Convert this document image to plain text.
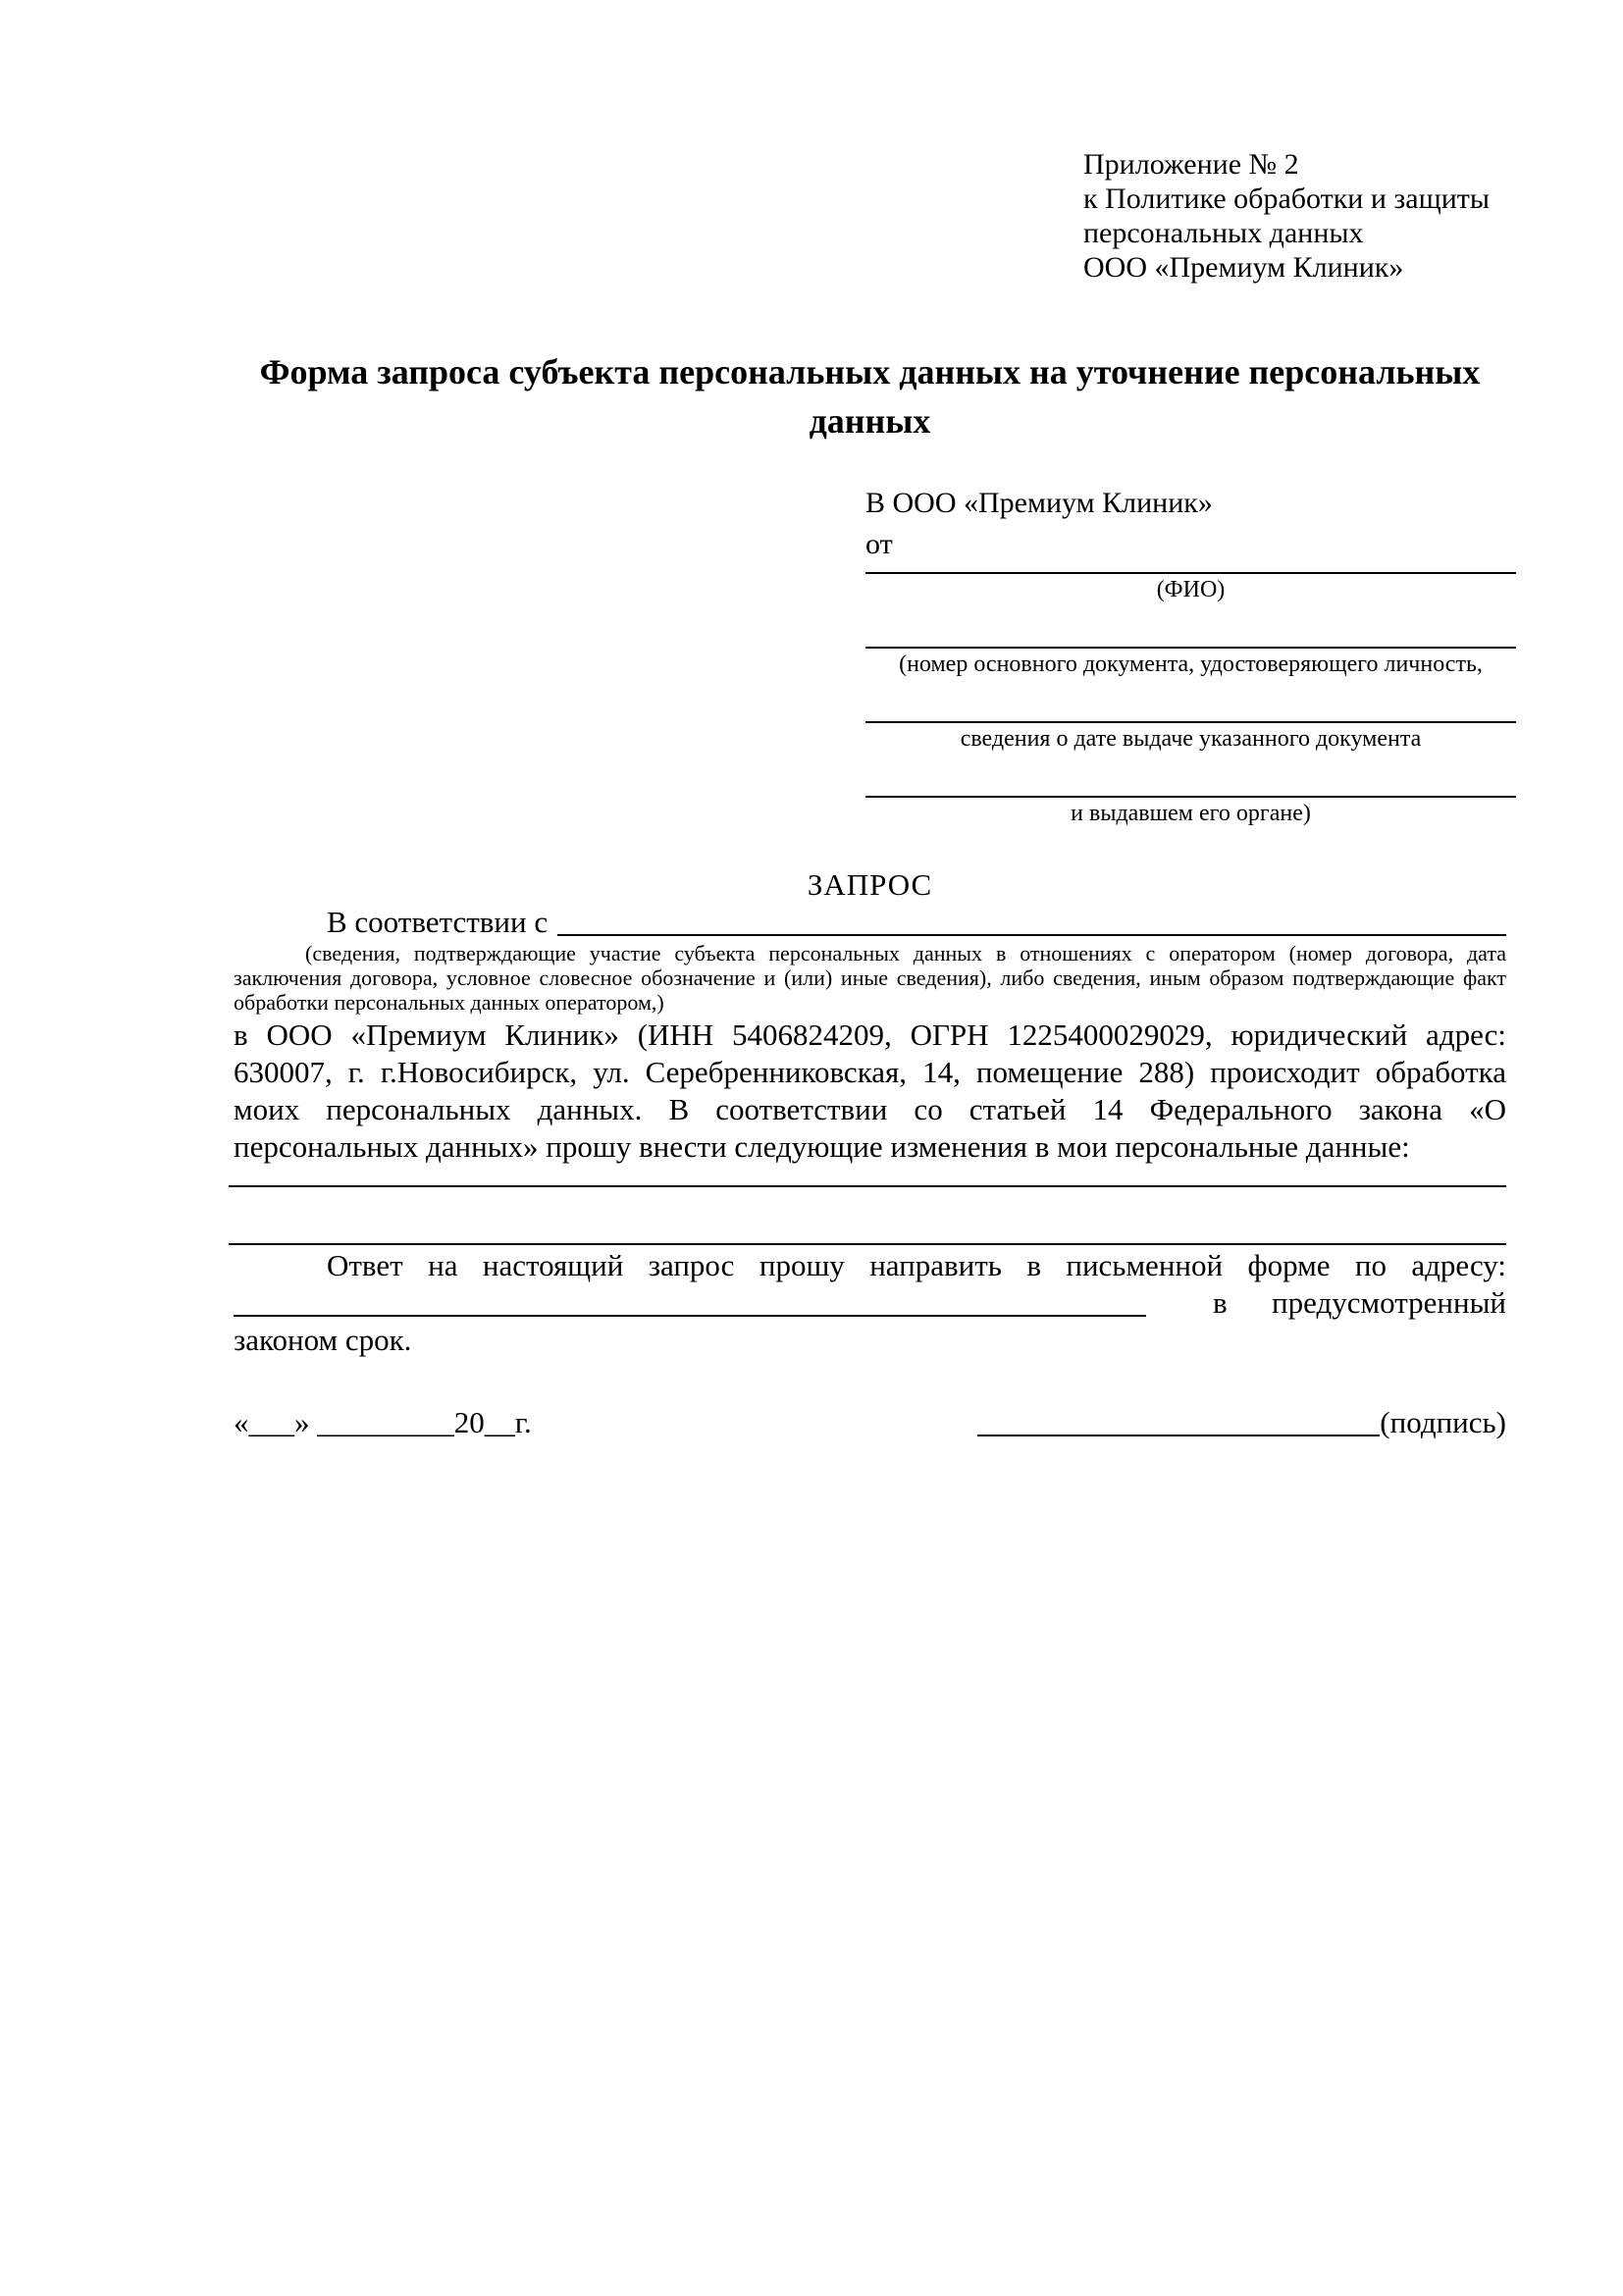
Приложение № 2
к Политике обработки и защиты
персональных данных
ООО «Премиум Клиник»
Форма запроса субъекта персональных данных на уточнение персональных данных
В ООО «Премиум Клиник»
от
(ФИО)
(номер основного документа, удостоверяющего личность,
сведения о дате выдаче указанного документа
и выдавшем его органе)
ЗАПРОС
В соответствии с
(сведения, подтверждающие участие субъекта персональных данных в отношениях с оператором (номер договора, дата заключения договора, условное словесное обозначение и (или) иные сведения), либо сведения, иным образом подтверждающие факт обработки персональных данных оператором,)
в ООО «Премиум Клиник» (ИНН 5406824209, ОГРН 1225400029029, юридический адрес: 630007, г. г.Новосибирск, ул. Серебренниковская, 14, помещение 288) происходит обработка моих персональных данных. В соответствии со статьей 14 Федерального закона «О персональных данных» прошу внести следующие изменения в мои персональные данные:
Ответ на настоящий запрос прошу направить в письменной форме по адресу:
в предусмотренный
законом срок.
«___» _________20__г.	(подпись)
